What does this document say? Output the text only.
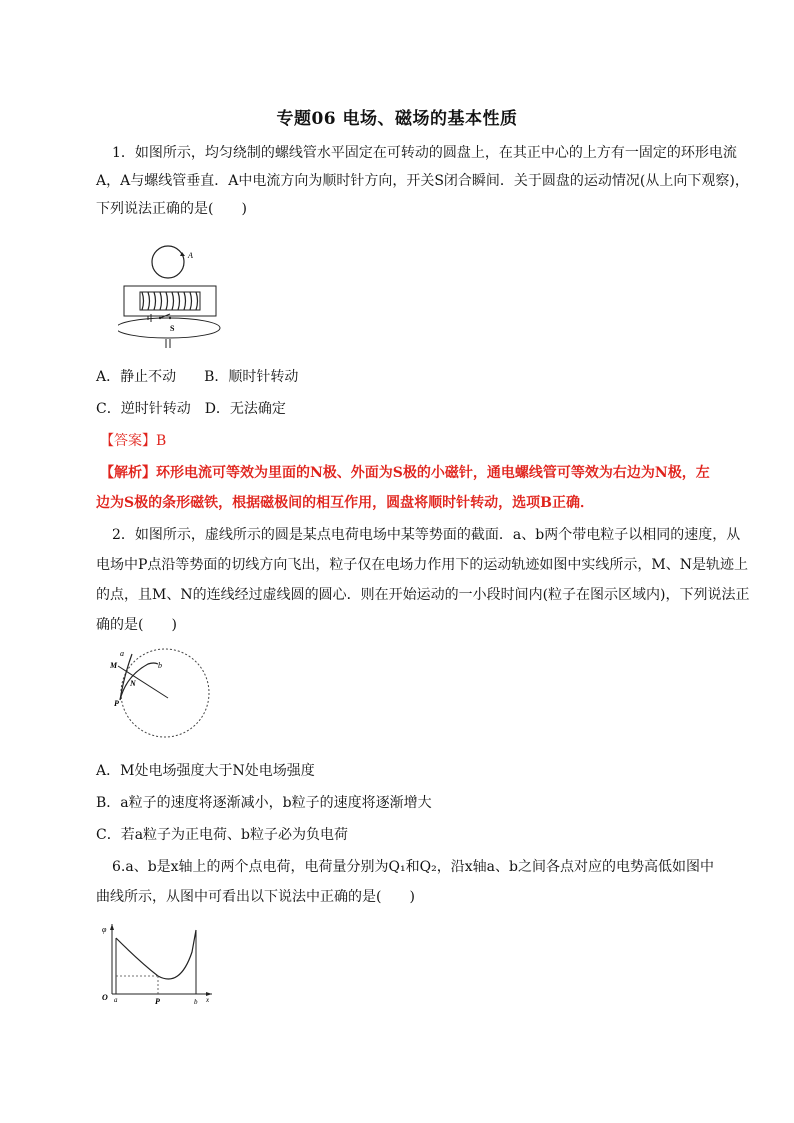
专题06 电场、磁场的基本性质
1．如图所示，均匀绕制的螺线管水平固定在可转动的圆盘上，在其正中心的上方有一固定的环形电流
A，A与螺线管垂直．A中电流方向为顺时针方向，开关S闭合瞬间．关于圆盘的运动情况(从上向下观察)，
下列说法正确的是(　　)
A
S
A．静止不动　　B．顺时针转动
C．逆时针转动　D．无法确定
【答案】B
【解析】环形电流可等效为里面的N极、外面为S极的小磁针，通电螺线管可等效为右边为N极，左
边为S极的条形磁铁，根据磁极间的相互作用，圆盘将顺时针转动，选项B正确．
2．如图所示，虚线所示的圆是某点电荷电场中某等势面的截面．a、b两个带电粒子以相同的速度，从
电场中P点沿等势面的切线方向飞出，粒子仅在电场力作用下的运动轨迹如图中实线所示，M、N是轨迹上
的点，且M、N的连线经过虚线圆的圆心．则在开始运动的一小段时间内(粒子在图示区域内)，下列说法正
确的是(　　)
a
b
M
N
P
A．M处电场强度大于N处电场强度
B．a粒子的速度将逐渐减小，b粒子的速度将逐渐增大
C．若a粒子为正电荷、b粒子必为负电荷
6.a、b是x轴上的两个点电荷，电荷量分别为Q₁和Q₂，沿x轴a、b之间各点对应的电势高低如图中
曲线所示，从图中可看出以下说法中正确的是(　　)
φ
O a	P	b x
